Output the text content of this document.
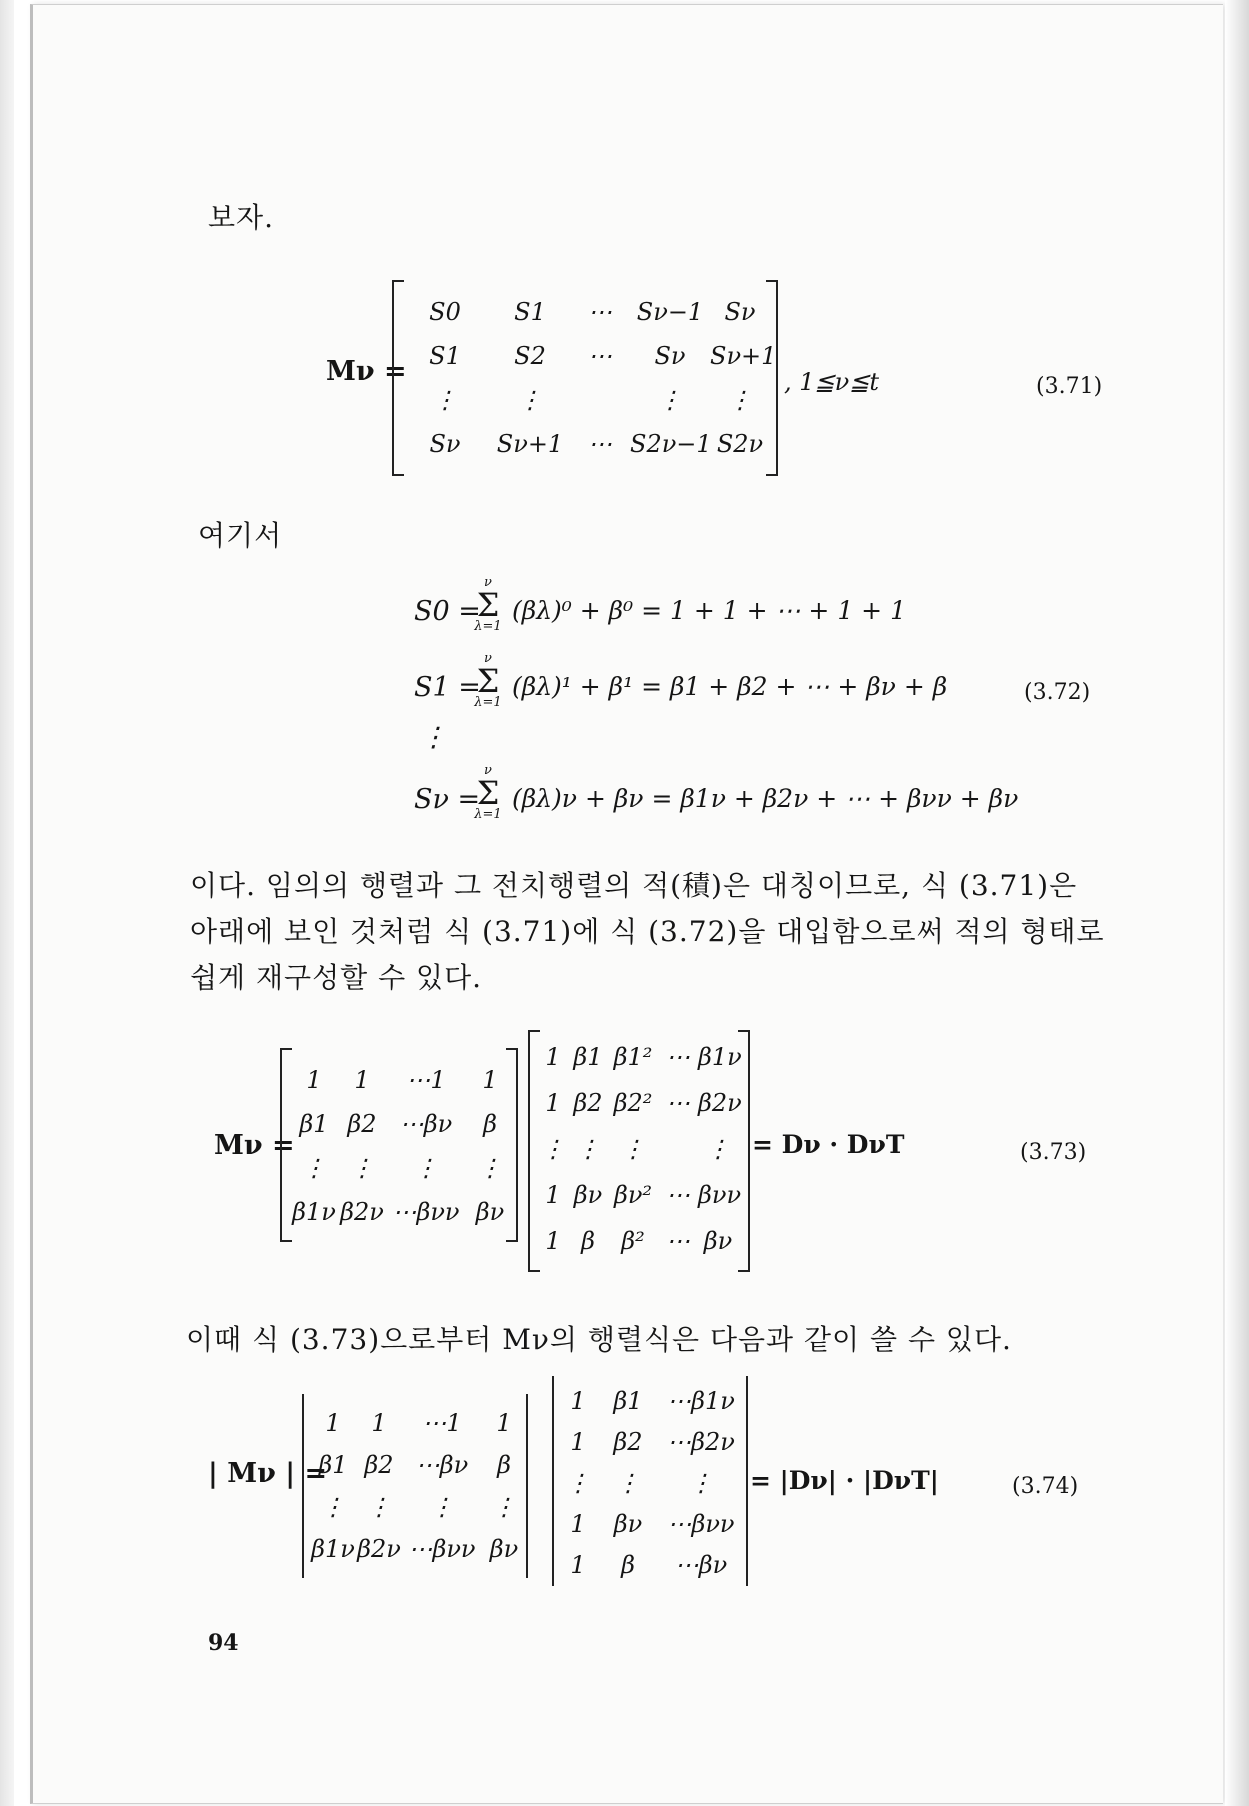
보자.
Mν =
S0	S1	⋯	Sν−1 Sν
S1	S2	⋯	Sν	Sν+1
⋮	⋮	⋮	⋮
Sν	Sν+1	⋯ S2ν−1 S2ν
, 1≦ν≦t	(3.71)
여기서
S0 =
ν
Σ
λ=1
(βλ)⁰ + β⁰ = 1 + 1 + ⋯ + 1 + 1
S1 =
ν
Σ
λ=1
(βλ)¹ + β¹ = β1 + β2 + ⋯ + βν + β	(3.72)
⋮
Sν =
ν
Σ
λ=1
(βλ)ν + βν = β1ν + β2ν + ⋯ + βνν + βν
이다. 임의의 행렬과 그 전치행렬의 적(積)은 대칭이므로, 식 (3.71)은
아래에 보인 것처럼 식 (3.71)에 식 (3.72)을 대입함으로써 적의 형태로
쉽게 재구성할 수 있다.
Mν =
1	1	⋯1	1
β1 β2 ⋯βν	β
⋮	⋮	⋮	⋮
β1ν β2ν ⋯βνν βν
1 β1 β1² ⋯ β1ν
1 β2 β2² ⋯ β2ν
⋮ ⋮ ⋮	⋮
1 βν βν² ⋯ βνν
1 β	β² ⋯ βν
= Dν · DνT	(3.73)
이때 식 (3.73)으로부터 Mν의 행렬식은 다음과 같이 쓸 수 있다.
| Mν | =
1	1	⋯1	1
β1 β2 ⋯βν	β
⋮ ⋮	⋮	⋮
β1ν β2ν ⋯βνν βν
1	β1	⋯β1ν
1	β2	⋯β2ν
⋮	⋮	⋮
1	βν	⋯βνν
1	β	⋯βν
= |Dν| · |DνT|	(3.74)
94
